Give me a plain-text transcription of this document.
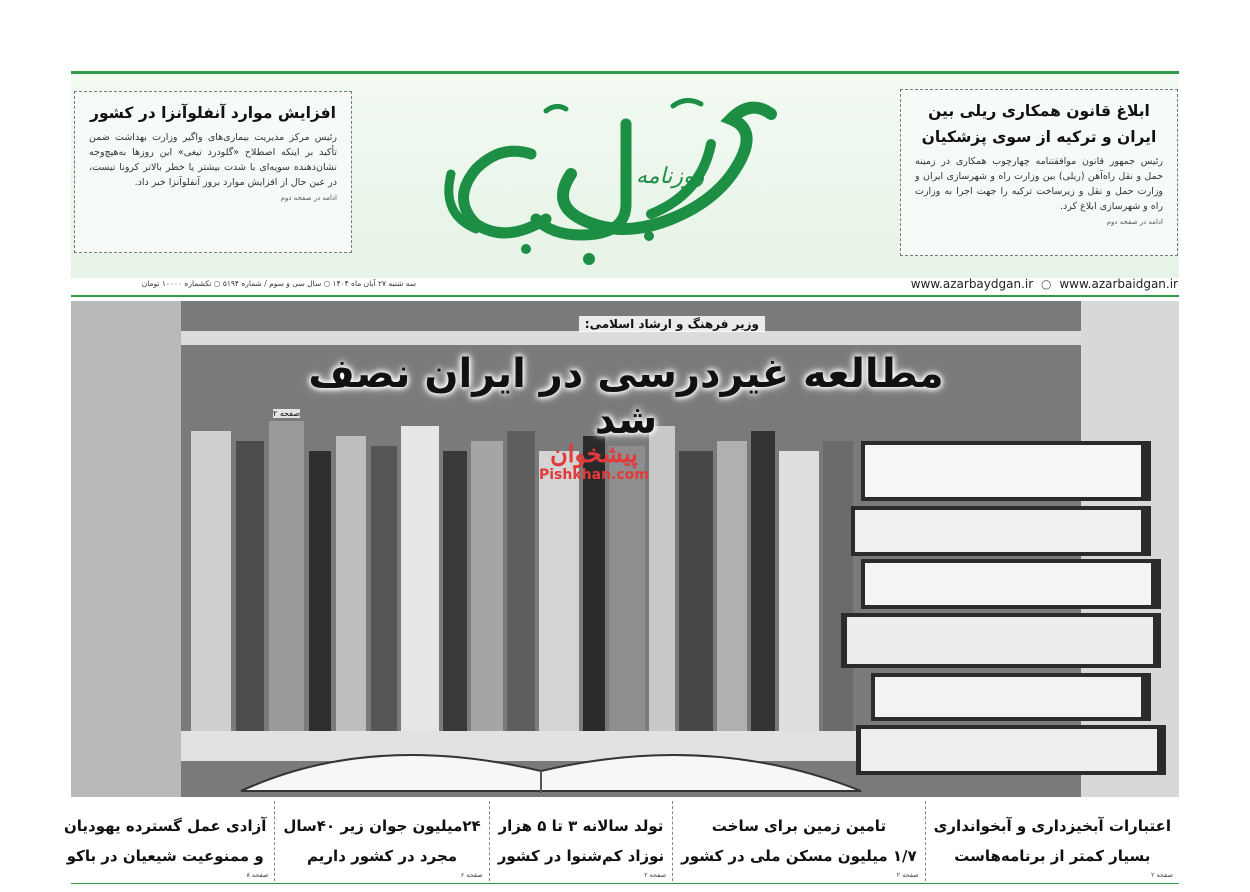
ابلاغ قانون همکاری ریلی بین ایران و ترکیه از سوی پزشکیان

رئیس جمهور قانون موافقتنامه چهارچوب همکاری در زمینه حمل و نقل راه‌آهن (ریلی) بین وزارت راه و شهرسازی ایران و وزارت حمل و نقل و زیرساخت ترکیه را جهت اجرا به وزارت راه و شهرسازی ابلاغ کرد.

ادامه در صفحه دوم
روزنامه
افزایش موارد آنفلوآنزا در کشور

رئیس مرکز مدیریت بیماری‌های واگیر وزارت بهداشت ضمن تأکید بر اینکه اصطلاح «گلودرد تیغی» این روزها به‌هیچ‌وجه نشان‌دهنده سویه‌ای با شدت بیشتر یا خطر بالاتر کرونا نیست، در عین حال از افزایش موارد بروز آنفلوآنزا خبر داد.

ادامه در صفحه دوم
سه شنبه ۲۷ آبان ماه ۱۴۰۴ ○ سال سی و سوم / شماره ۵۱۹۴ ○ تکشماره ۱۰۰۰۰ تومان	www.azarbaydgan.ir ○ www.azarbaidgan.ir
وزیر فرهنگ و ارشاد اسلامی:
مطالعه غیردرسی در ایران نصف شد
صفحه ۲
پیشخوان
Pishkhan.com
اعتبارات آبخیزداری و آبخوانداری
بسیار کمتر از برنامه‌هاست
صفحه ۲
تامین زمین برای ساخت
۱/۷ میلیون مسکن ملی در کشور
صفحه ۲
تولد سالانه ۳ تا ۵ هزار
نوزاد کم‌شنوا در کشور
صفحه ۲
۲۴میلیون جوان زیر ۴۰سال
مجرد در کشور داریم
صفحه ۶
آزادی عمل گسترده یهودیان
و ممنوعیت شیعیان در باکو
صفحه ۸
